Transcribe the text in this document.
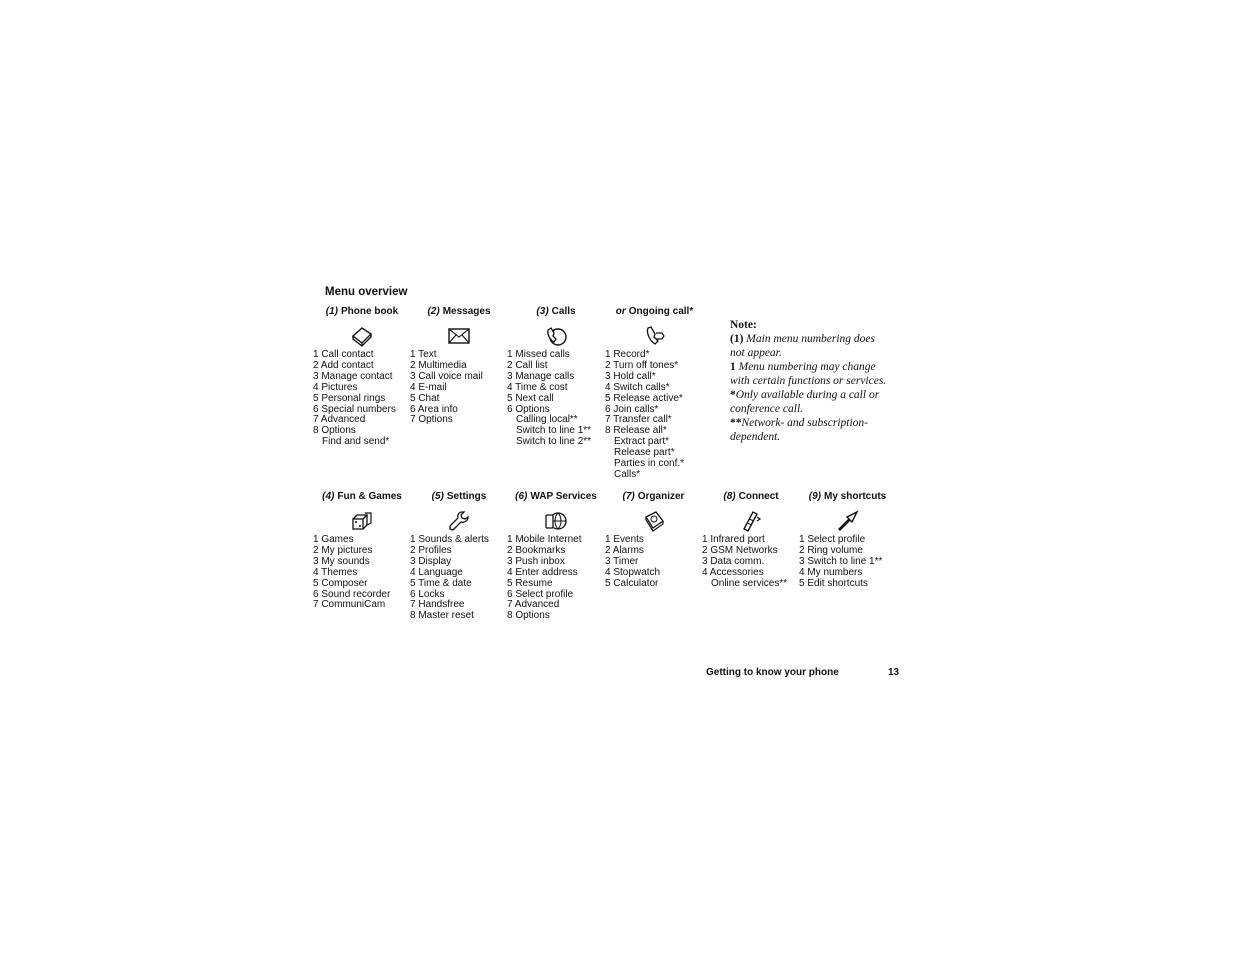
Menu overview
(1) Phone book
1 Call contact
2 Add contact
3 Manage contact
4 Pictures
5 Personal rings
6 Special numbers
7 Advanced
8 Options
Find and send*
(2) Messages
1 Text
2 Multimedia
3 Call voice mail
4 E-mail
5 Chat
6 Area info
7 Options
(3) Calls
1 Missed calls
2 Call list
3 Manage calls
4 Time & cost
5 Next call
6 Options
Calling local**
Switch to line 1**
Switch to line 2**
or Ongoing call*
1 Record*
2 Turn off tones*
3 Hold call*
4 Switch calls*
5 Release active*
6 Join calls*
7 Transfer call*
8 Release all*
Extract part*
Release part*
Parties in conf.*
Calls*
(4) Fun & Games
1 Games
2 My pictures
3 My sounds
4 Themes
5 Composer
6 Sound recorder
7 CommuniCam
(5) Settings
1 Sounds & alerts
2 Profiles
3 Display
4 Language
5 Time & date
6 Locks
7 Handsfree
8 Master reset
(6) WAP Services
1 Mobile Internet
2 Bookmarks
3 Push inbox
4 Enter address
5 Resume
6 Select profile
7 Advanced
8 Options
(7) Organizer
1 Events
2 Alarms
3 Timer
4 Stopwatch
5 Calculator
(8) Connect
1 Infrared port
2 GSM Networks
3 Data comm.
4 Accessories
Online services**
(9) My shortcuts
1 Select profile
2 Ring volume
3 Switch to line 1**
4 My numbers
5 Edit shortcuts
Note:

(1) Main menu numbering does not appear.

1 Menu numbering may change with certain functions or services.

*Only available during a call or conference call.

**Network- and subscription-dependent.

Getting to know your phone	13
